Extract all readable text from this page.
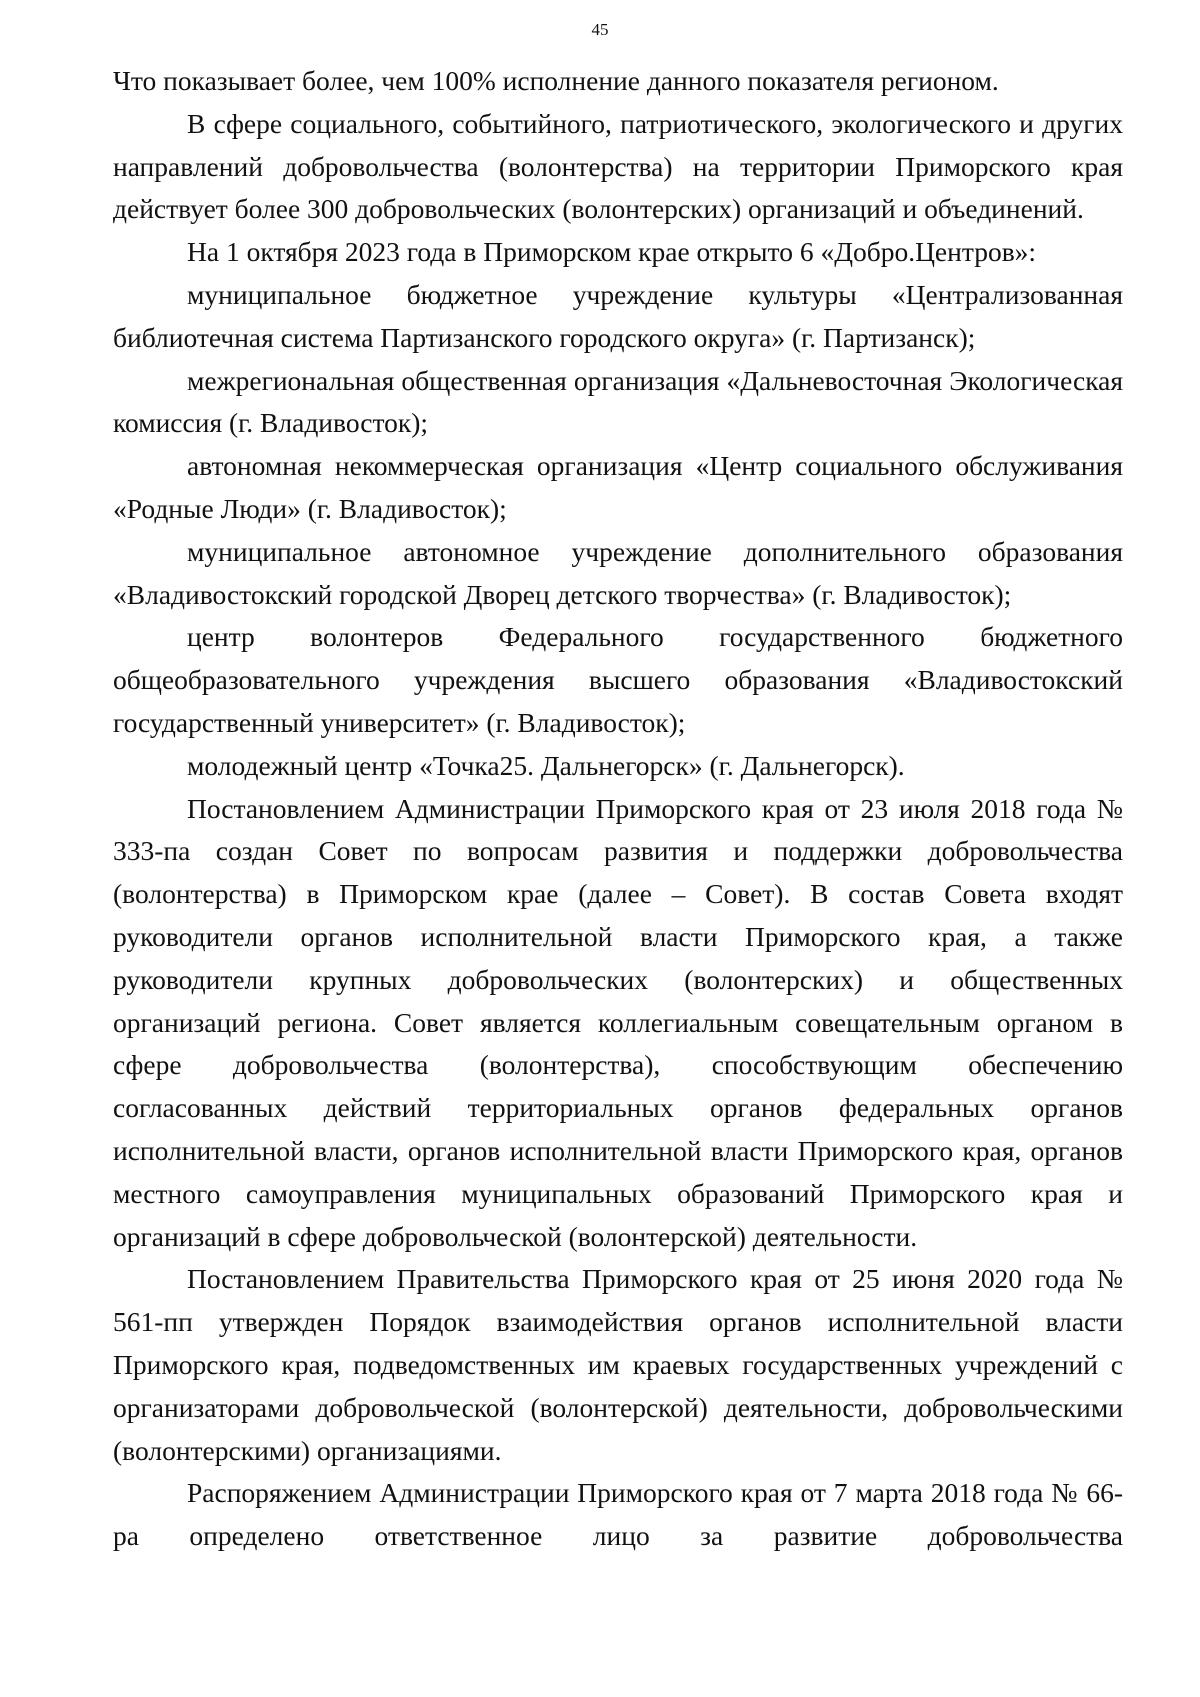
45

Что показывает более, чем 100% исполнение данного показателя регионом.

В сфере социального, событийного, патриотического, экологического и других направлений добровольчества (волонтерства) на территории Приморского края действует более 300 добровольческих (волонтерских) организаций и объединений.

На 1 октября 2023 года в Приморском крае открыто 6 «Добро.Центров»:

муниципальное бюджетное учреждение культуры «Централизованная библиотечная система Партизанского городского округа» (г. Партизанск);

межрегиональная общественная организация «Дальневосточная Экологическая комиссия (г. Владивосток);

автономная некоммерческая организация «Центр социального обслуживания «Родные Люди» (г. Владивосток);

муниципальное автономное учреждение дополнительного образования «Владивостокский городской Дворец детского творчества» (г. Владивосток);

центр волонтеров Федерального государственного бюджетного общеобразовательного учреждения высшего образования «Владивостокский государственный университет» (г. Владивосток);

молодежный центр «Точка25. Дальнегорск» (г. Дальнегорск).

Постановлением Администрации Приморского края от 23 июля 2018 года № 333-па создан Совет по вопросам развития и поддержки добровольчества (волонтерства) в Приморском крае (далее – Совет). В состав Совета входят руководители органов исполнительной власти Приморского края, а также руководители крупных добровольческих (волонтерских) и общественных организаций региона. Совет является коллегиальным совещательным органом в сфере добровольчества (волонтерства), способствующим обеспечению согласованных действий территориальных органов федеральных органов исполнительной власти, органов исполнительной власти Приморского края, органов местного самоуправления муниципальных образований Приморского края и организаций в сфере добровольческой (волонтерской) деятельности.

Постановлением Правительства Приморского края от 25 июня 2020 года № 561-пп утвержден Порядок взаимодействия органов исполнительной власти Приморского края, подведомственных им краевых государственных учреждений с организаторами добровольческой (волонтерской) деятельности, добровольческими (волонтерскими) организациями.

Распоряжением Администрации Приморского края от 7 марта 2018 года № 66-ра определено ответственное лицо за развитие добровольчества
